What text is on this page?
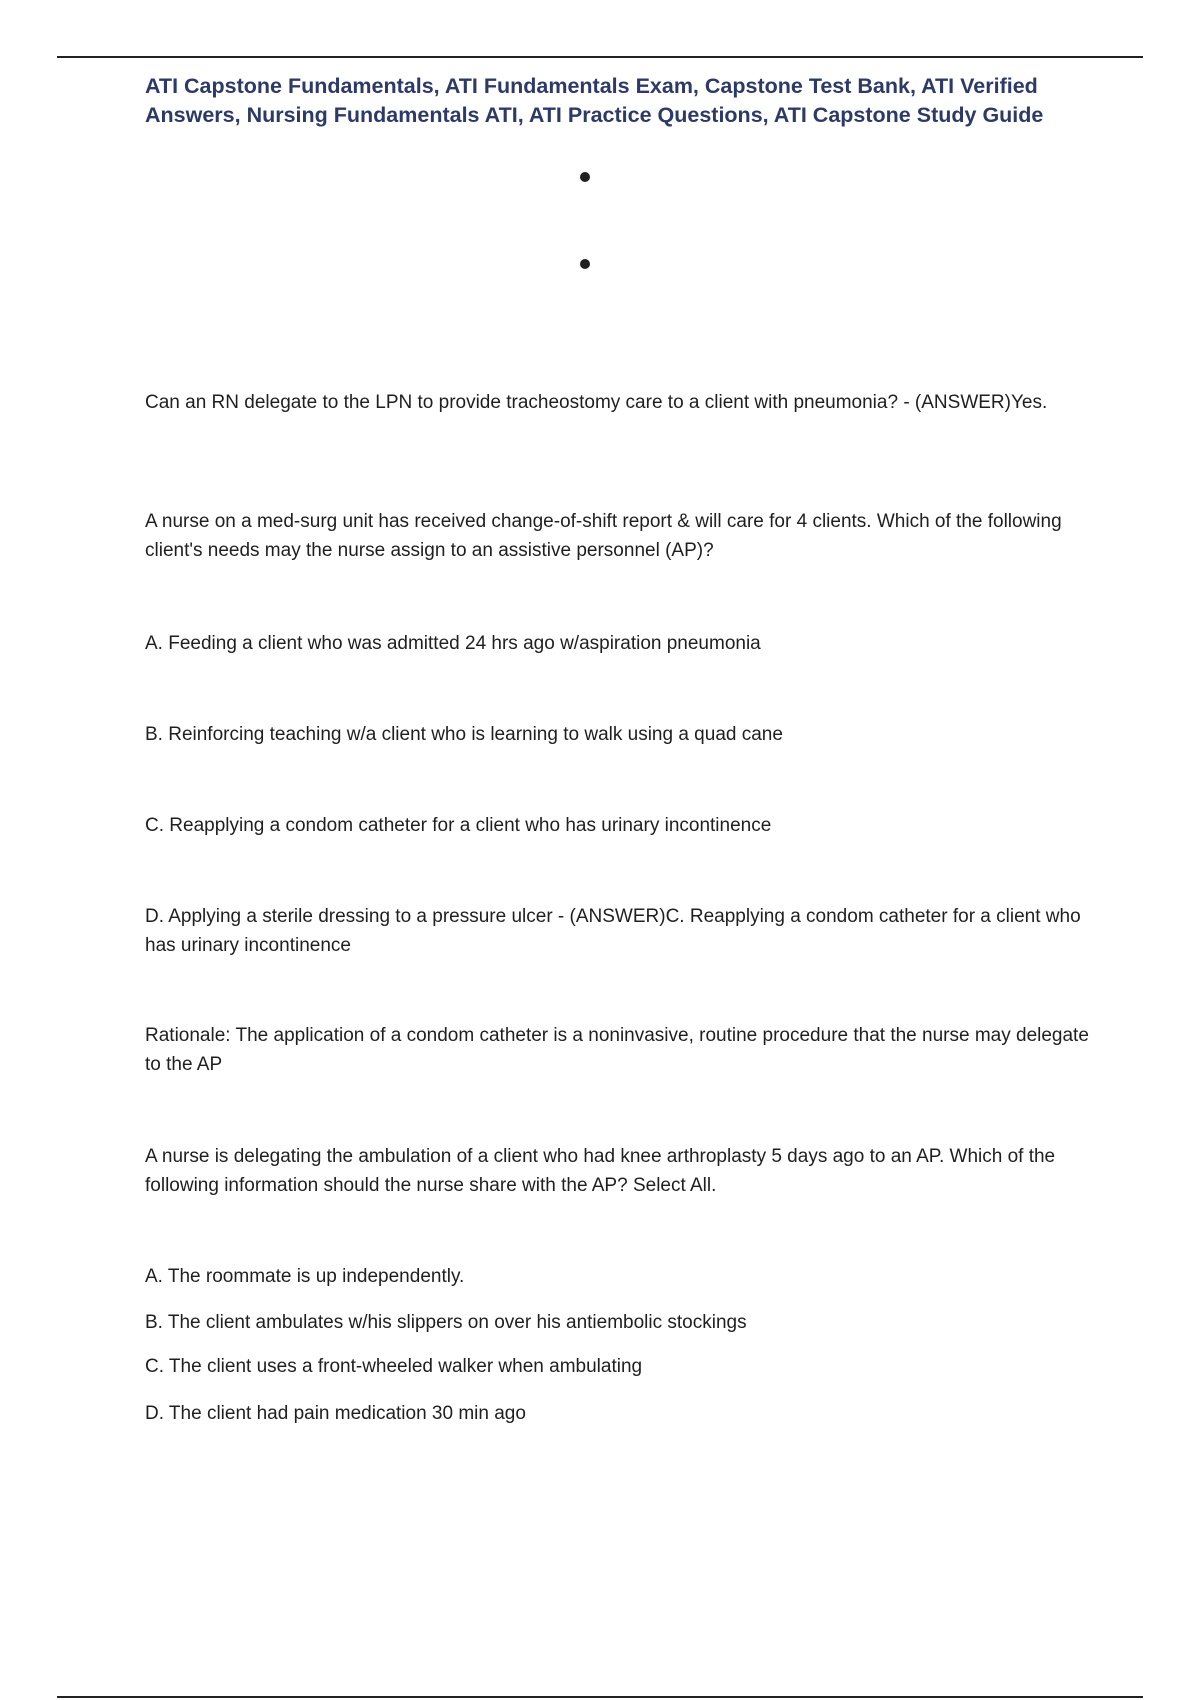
ATI Capstone Fundamentals, ATI Fundamentals Exam, Capstone Test Bank, ATI Verified Answers, Nursing Fundamentals ATI, ATI Practice Questions, ATI Capstone Study Guide
Can an RN delegate to the LPN to provide tracheostomy care to a client with pneumonia? - (ANSWER)Yes.
A nurse on a med-surg unit has received change-of-shift report & will care for 4 clients. Which of the following client's needs may the nurse assign to an assistive personnel (AP)?
A. Feeding a client who was admitted 24 hrs ago w/aspiration pneumonia
B. Reinforcing teaching w/a client who is learning to walk using a quad cane
C. Reapplying a condom catheter for a client who has urinary incontinence
D. Applying a sterile dressing to a pressure ulcer - (ANSWER)C. Reapplying a condom catheter for a client who has urinary incontinence
Rationale: The application of a condom catheter is a noninvasive, routine procedure that the nurse may delegate to the AP
A nurse is delegating the ambulation of a client who had knee arthroplasty 5 days ago to an AP. Which of the following information should the nurse share with the AP? Select All.
A. The roommate is up independently.
B. The client ambulates w/his slippers on over his antiembolic stockings
C. The client uses a front-wheeled walker when ambulating
D. The client had pain medication 30 min ago
